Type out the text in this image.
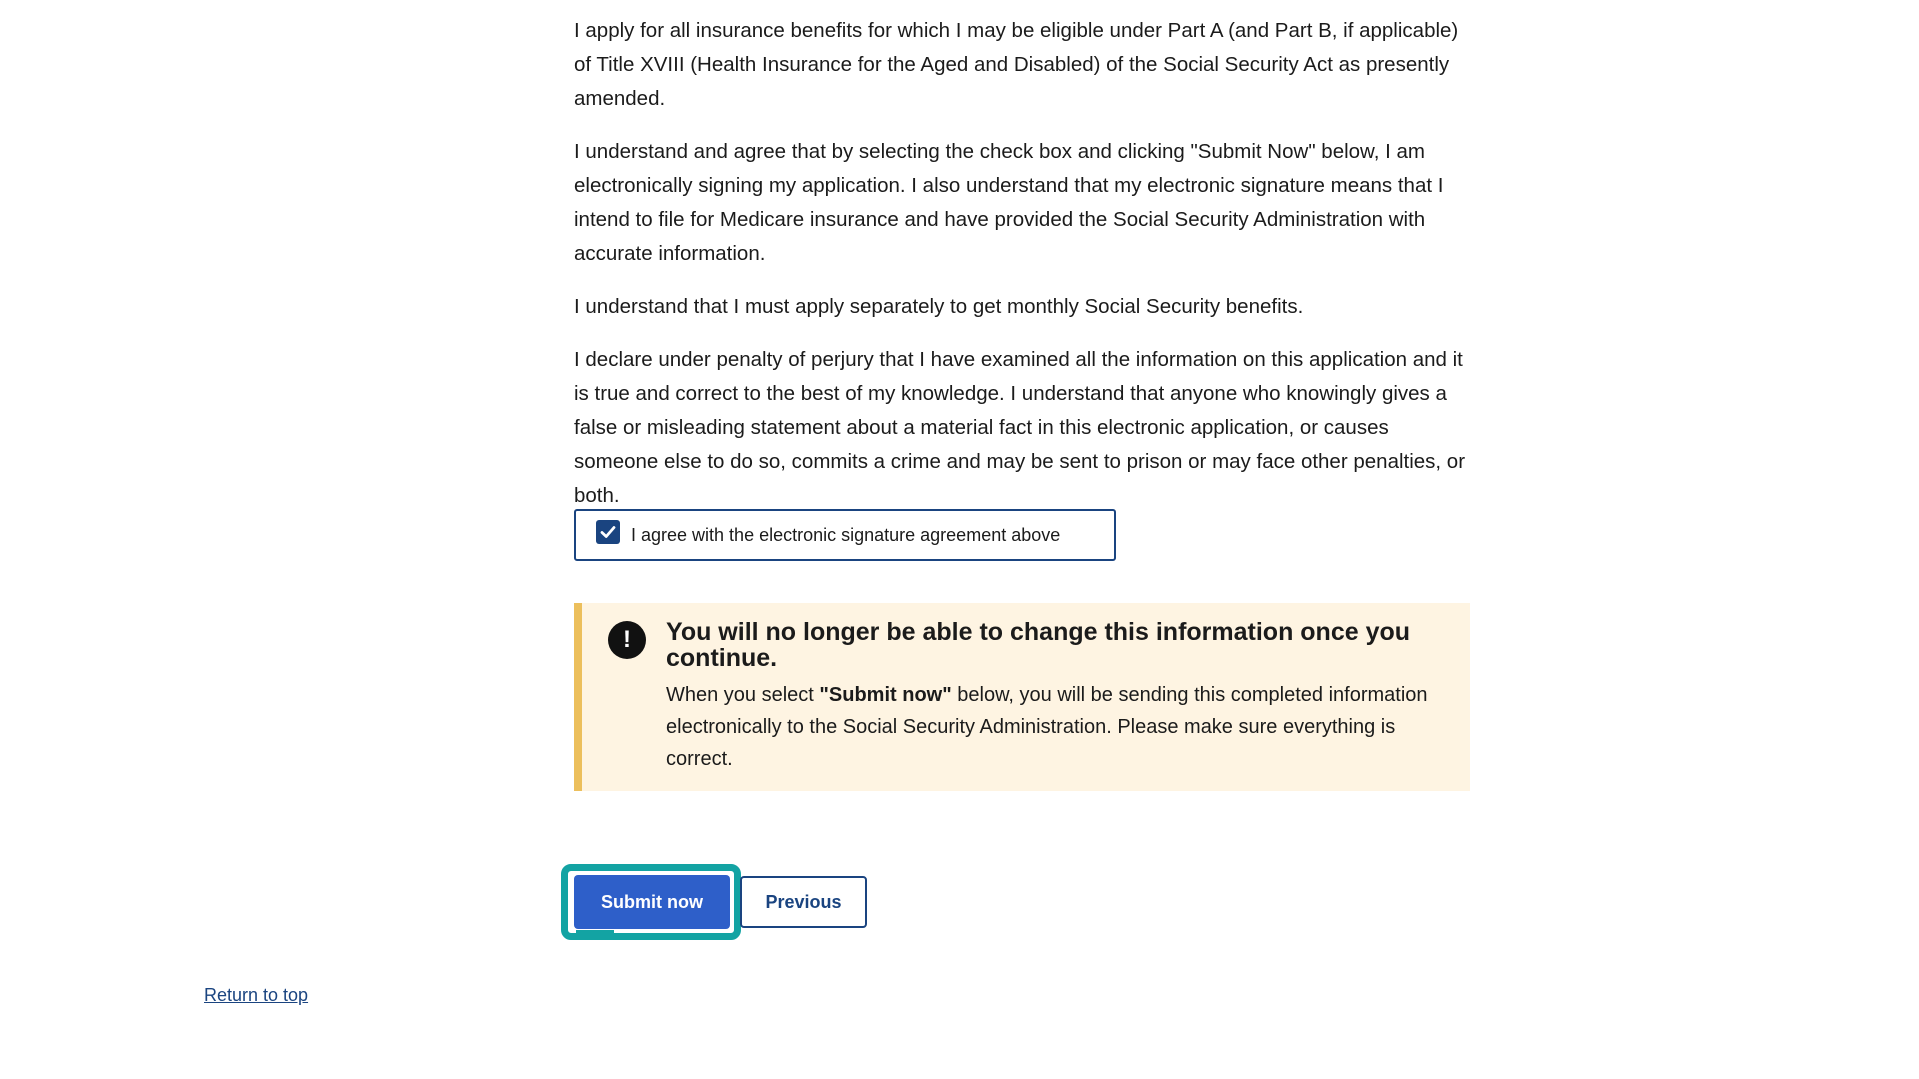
I apply for all insurance benefits for which I may be eligible under Part A (and Part B, if applicable) of Title XVIII (Health Insurance for the Aged and Disabled) of the Social Security Act as presently amended.

I understand and agree that by selecting the check box and clicking "Submit Now" below, I am electronically signing my application. I also understand that my electronic signature means that I intend to file for Medicare insurance and have provided the Social Security Administration with accurate information.

I understand that I must apply separately to get monthly Social Security benefits.

I declare under penalty of perjury that I have examined all the information on this application and it is true and correct to the best of my knowledge. I understand that anyone who knowingly gives a false or misleading statement about a material fact in this electronic application, or causes someone else to do so, commits a crime and may be sent to prison or may face other penalties, or both.

I agree with the electronic signature agreement above
!	You will no longer be able to change this information once you continue.
When you select "Submit now" below, you will be sending this completed information electronically to the Social Security Administration. Please make sure everything is correct.
Submit now	Previous
Return to top
